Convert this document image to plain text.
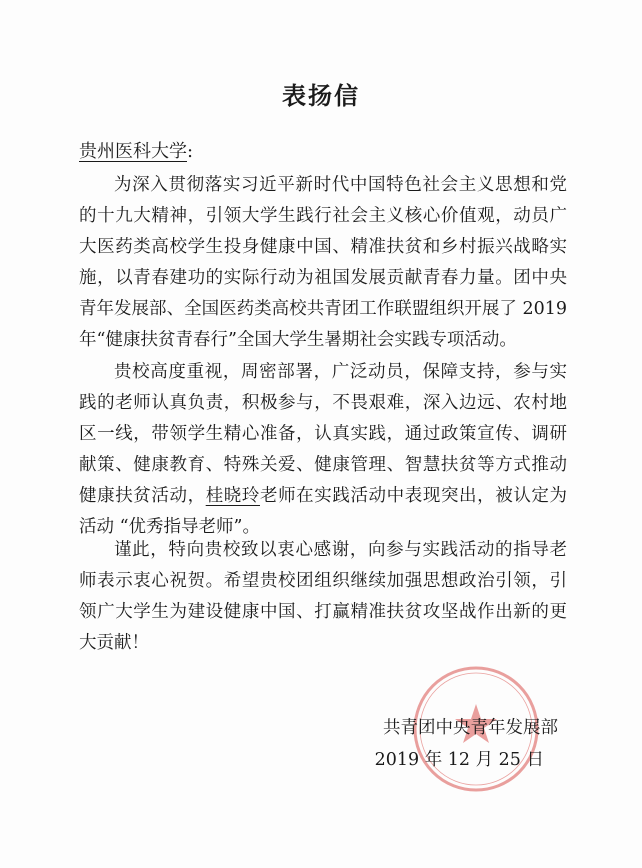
表扬信
贵州医科大学:

为深入贯彻落实习近平新时代中国特色社会主义思想和党的十九大精神，引领大学生践行社会主义核心价值观，动员广大医药类高校学生投身健康中国、精准扶贫和乡村振兴战略实施，以青春建功的实际行动为祖国发展贡献青春力量。团中央青年发展部、全国医药类高校共青团工作联盟组织开展了 2019 年“健康扶贫青春行”全国大学生暑期社会实践专项活动。

贵校高度重视，周密部署，广泛动员，保障支持，参与实践的老师认真负责，积极参与，不畏艰难，深入边远、农村地区一线，带领学生精心准备，认真实践，通过政策宣传、调研献策、健康教育、特殊关爱、健康管理、智慧扶贫等方式推动健康扶贫活动，桂晓玲老师在实践活动中表现突出，被认定为活动 “优秀指导老师”。

谨此，特向贵校致以衷心感谢，向参与实践活动的指导老师表示衷心祝贺。希望贵校团组织继续加强思想政治引领，引领广大学生为建设健康中国、打赢精准扶贫攻坚战作出新的更大贡献！

共青团中央青年发展部
2019 年 12 月 25 日
